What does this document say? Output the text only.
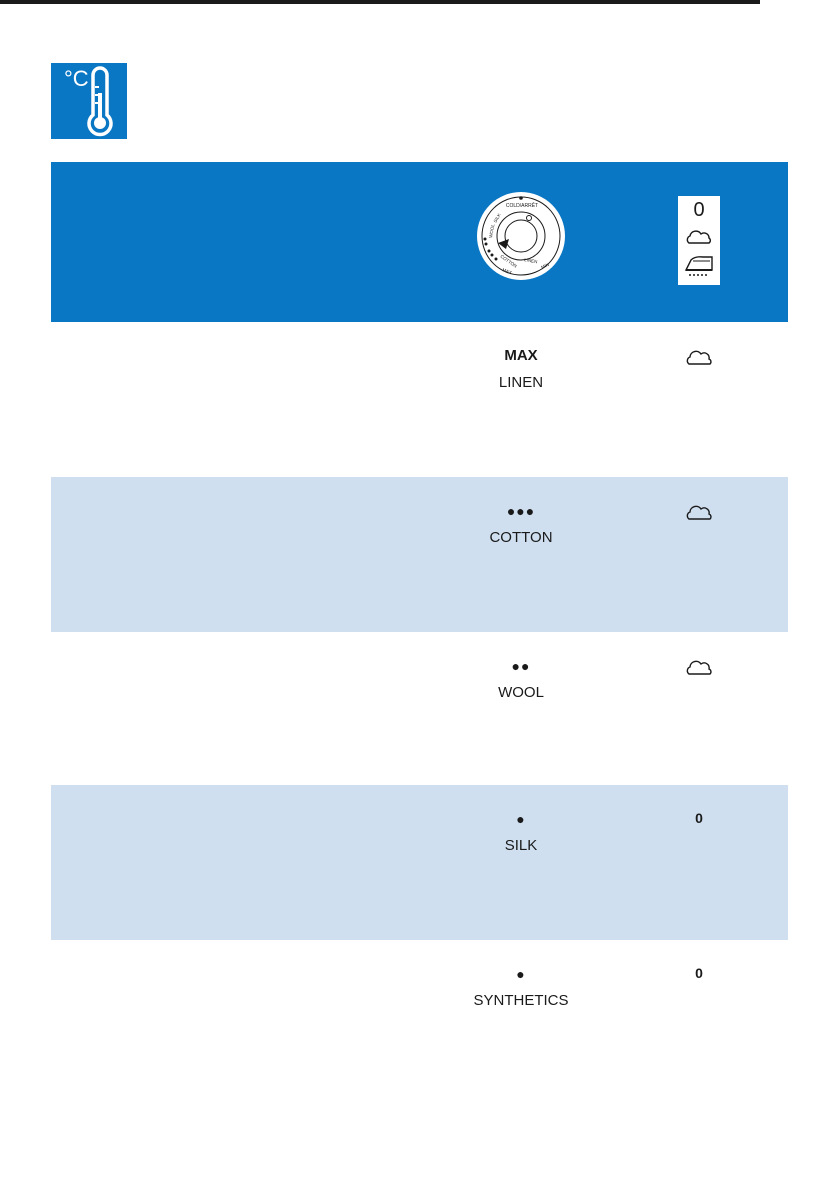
°C
COLD/ARRÊT
SILK
WOOL
COTTON LINEN
MIN
MAX
0
MAX
LINEN
●●●
COTTON
●●
WOOL
●
SILK
0
●
SYNTHETICS
0
